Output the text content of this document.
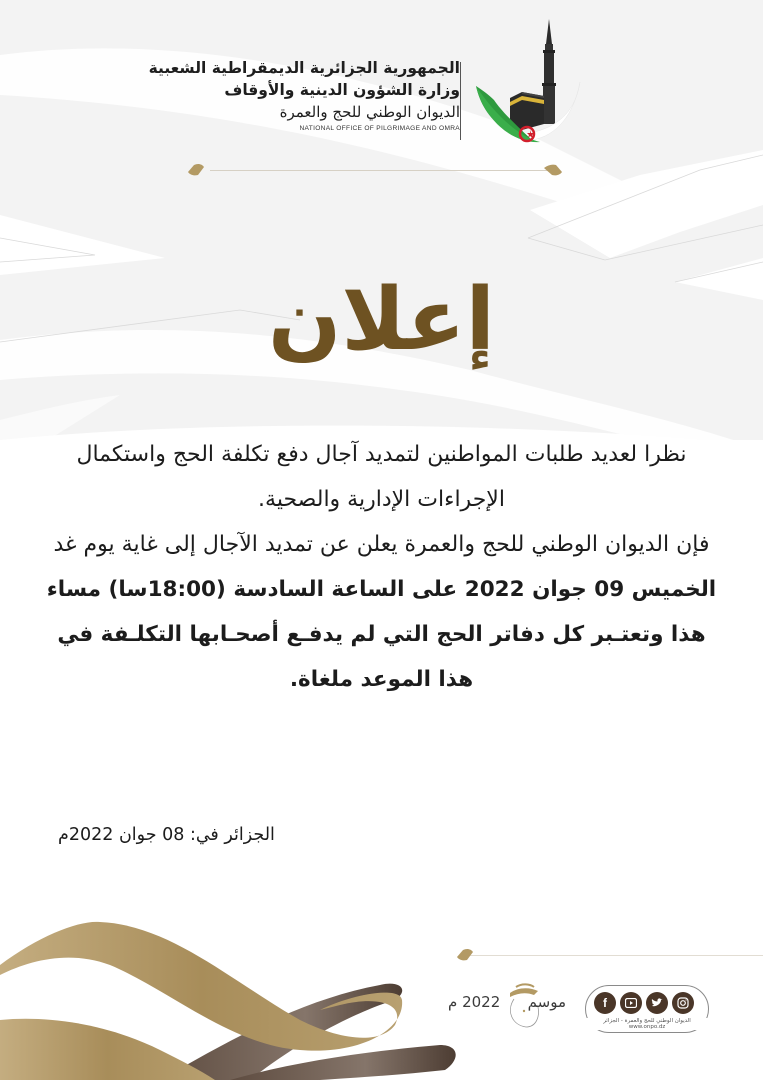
الجمهورية الجزائرية الديمقراطية الشعبية
وزارة الشؤون الدينية والأوقاف
الديوان الوطني للحج والعمرة
NATIONAL OFFICE OF PILGRIMAGE AND OMRA
إعلان
نظرا لعديد طلبات المواطنين لتمديد آجال دفع تكلفة الحج واستكمال
الإجراءات الإدارية والصحية.
فإن الديوان الوطني للحج والعمرة يعلن عن تمديد الآجال إلى غاية يوم غد
الخميس 09 جوان 2022 على الساعة السادسة (18:00سا) مساء
هذا وتعتـبر كل دفاتر الحج التي لم يدفـع أصحـابها التكلـفة في
هذا الموعد ملغاة.
الجزائر في: 08 جوان 2022م
موسم
2022 م	f
الديوان الوطني للحج والعمرة - الجزائر
www.onpo.dz
